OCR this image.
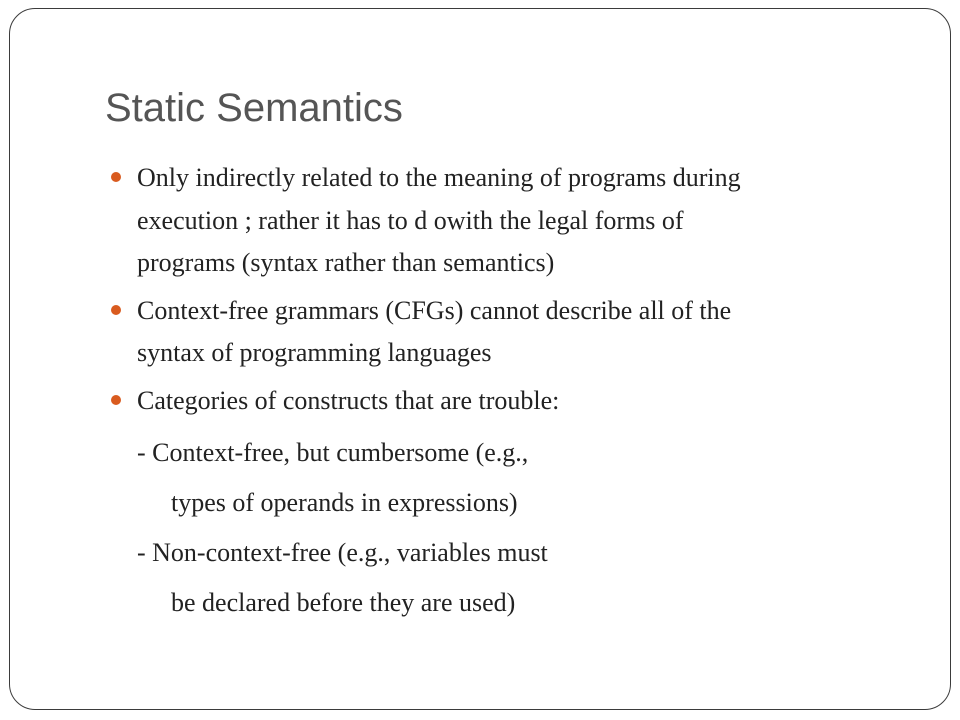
Static Semantics
Only indirectly related to the meaning of programs during
execution ; rather it has to d owith the legal forms of
programs (syntax rather than semantics)
Context-free grammars (CFGs) cannot describe all of the
syntax of programming languages
Categories of constructs that are trouble:
- Context-free, but cumbersome (e.g.,
types of operands in expressions)
- Non-context-free (e.g., variables must
be declared before they are used)
